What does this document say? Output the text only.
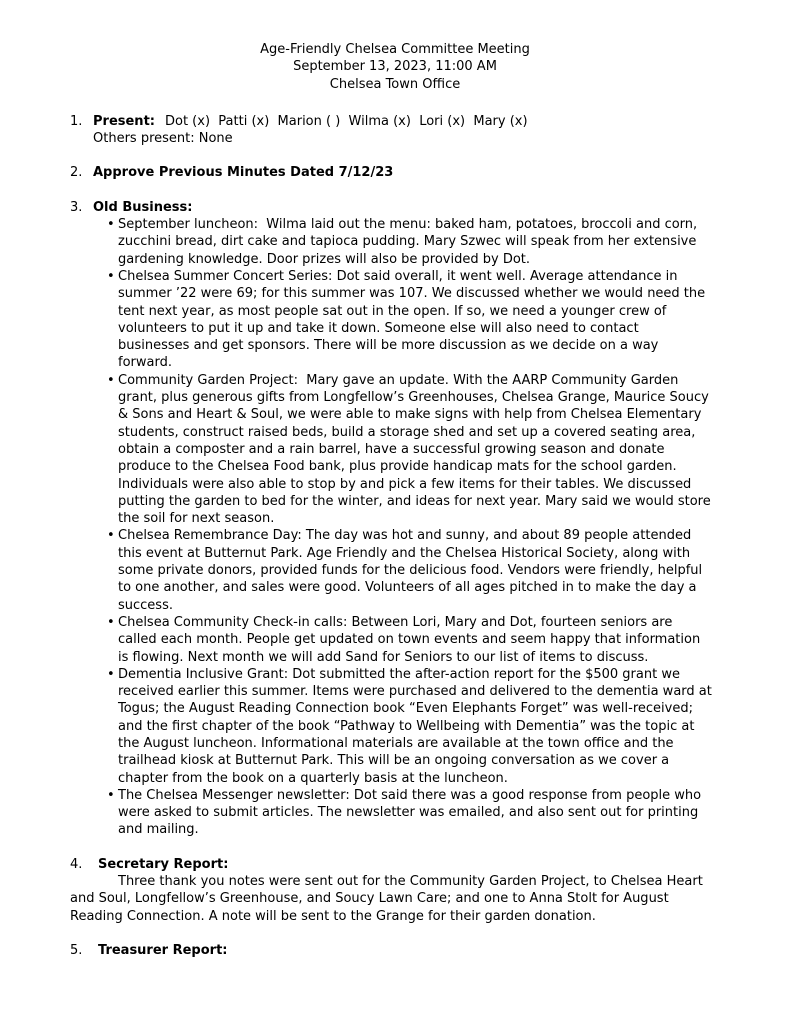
Age-Friendly Chelsea Committee Meeting
September 13, 2023, 11:00 AM
Chelsea Town Office
1. Present: Dot (x)  Patti (x)  Marion ( )  Wilma (x)  Lori (x)  Mary (x)
Others present: None
2. Approve Previous Minutes Dated 7/12/23
3. Old Business:
• September luncheon:  Wilma laid out the menu: baked ham, potatoes, broccoli and corn, zucchini bread, dirt cake and tapioca pudding. Mary Szwec will speak from her extensive gardening knowledge. Door prizes will also be provided by Dot.
• Chelsea Summer Concert Series: Dot said overall, it went well. Average attendance in summer ’22 were 69; for this summer was 107. We discussed whether we would need the tent next year, as most people sat out in the open. If so, we need a younger crew of volunteers to put it up and take it down. Someone else will also need to contact businesses and get sponsors. There will be more discussion as we decide on a way forward.
• Community Garden Project:  Mary gave an update. With the AARP Community Garden grant, plus generous gifts from Longfellow’s Greenhouses, Chelsea Grange, Maurice Soucy & Sons and Heart & Soul, we were able to make signs with help from Chelsea Elementary students, construct raised beds, build a storage shed and set up a covered seating area, obtain a composter and a rain barrel, have a successful growing season and donate produce to the Chelsea Food bank, plus provide handicap mats for the school garden. Individuals were also able to stop by and pick a few items for their tables. We discussed putting the garden to bed for the winter, and ideas for next year. Mary said we would store the soil for next season.
• Chelsea Remembrance Day: The day was hot and sunny, and about 89 people attended this event at Butternut Park. Age Friendly and the Chelsea Historical Society, along with some private donors, provided funds for the delicious food. Vendors were friendly, helpful to one another, and sales were good. Volunteers of all ages pitched in to make the day a success.
• Chelsea Community Check-in calls: Between Lori, Mary and Dot, fourteen seniors are called each month. People get updated on town events and seem happy that information is flowing. Next month we will add Sand for Seniors to our list of items to discuss.
• Dementia Inclusive Grant: Dot submitted the after-action report for the $500 grant we received earlier this summer. Items were purchased and delivered to the dementia ward at Togus; the August Reading Connection book “Even Elephants Forget” was well-received; and the first chapter of the book “Pathway to Wellbeing with Dementia” was the topic at the August luncheon. Informational materials are available at the town office and the trailhead kiosk at Butternut Park. This will be an ongoing conversation as we cover a chapter from the book on a quarterly basis at the luncheon.
• The Chelsea Messenger newsletter: Dot said there was a good response from people who were asked to submit articles. The newsletter was emailed, and also sent out for printing and mailing.
4.	Secretary Report:

Three thank you notes were sent out for the Community Garden Project, to Chelsea Heart and Soul, Longfellow’s Greenhouse, and Soucy Lawn Care; and one to Anna Stolt for August Reading Connection. A note will be sent to the Grange for their garden donation.

5.	Treasurer Report:
